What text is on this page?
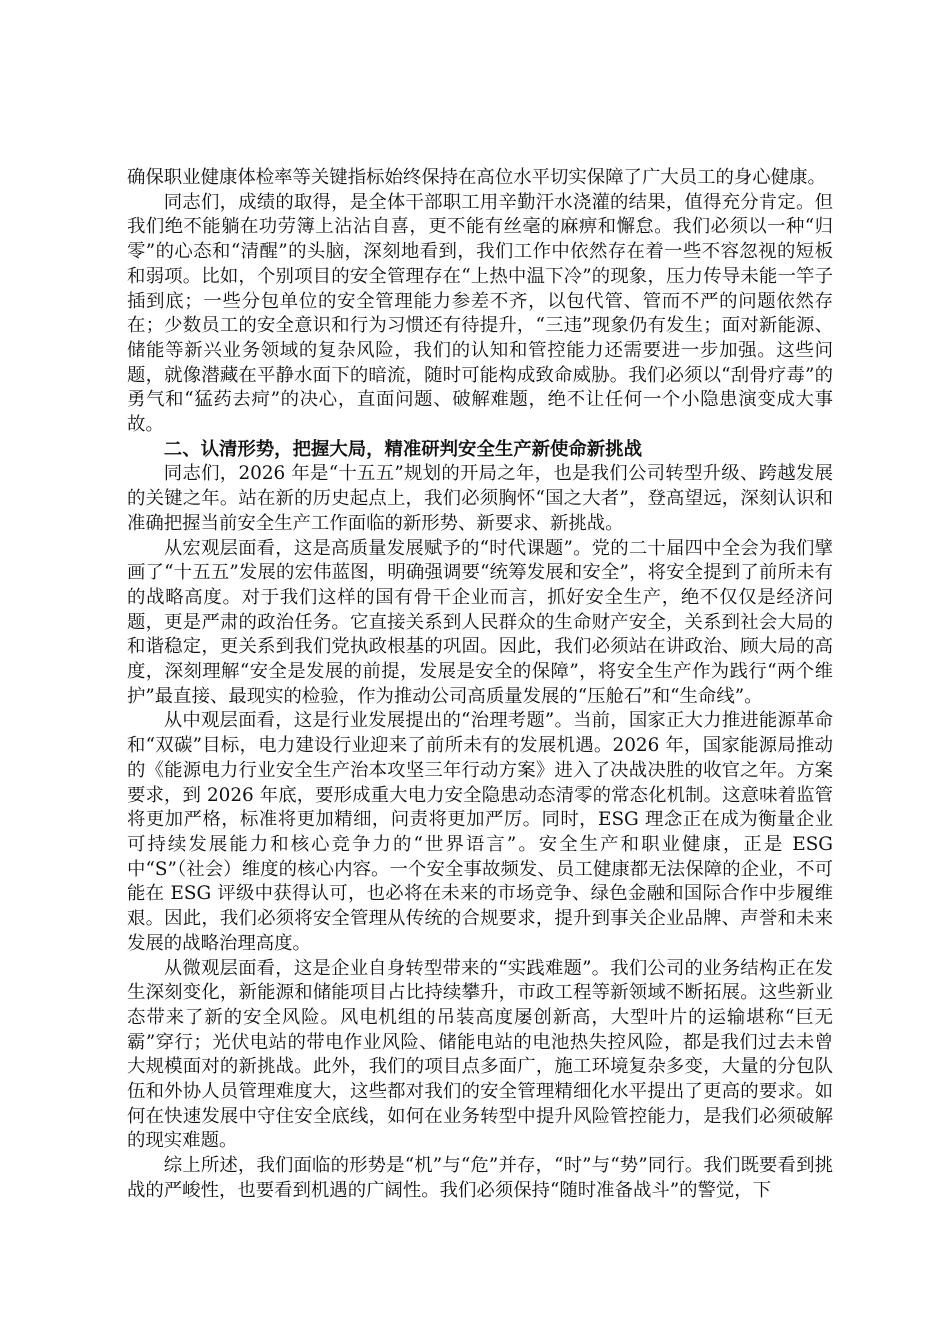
确保职业健康体检率等关键指标始终保持在高位水平切实保障了广大员工的身心健康。

同志们，成绩的取得，是全体干部职工用辛勤汗水浇灌的结果，值得充分肯定。但我们绝不能躺在功劳簿上沾沾自喜，更不能有丝毫的麻痹和懈怠。我们必须以一种“归零”的心态和“清醒”的头脑，深刻地看到，我们工作中依然存在着一些不容忽视的短板和弱项。比如，个别项目的安全管理存在“上热中温下冷”的现象，压力传导未能一竿子插到底；一些分包单位的安全管理能力参差不齐，以包代管、管而不严的问题依然存在；少数员工的安全意识和行为习惯还有待提升，“三违”现象仍有发生；面对新能源、储能等新兴业务领域的复杂风险，我们的认知和管控能力还需要进一步加强。这些问题，就像潜藏在平静水面下的暗流，随时可能构成致命威胁。我们必须以“刮骨疗毒”的勇气和“猛药去疴”的决心，直面问题、破解难题，绝不让任何一个小隐患演变成大事故。

二、认清形势，把握大局，精准研判安全生产新使命新挑战

同志们，2026 年是“十五五”规划的开局之年，也是我们公司转型升级、跨越发展的关键之年。站在新的历史起点上，我们必须胸怀“国之大者”，登高望远，深刻认识和准确把握当前安全生产工作面临的新形势、新要求、新挑战。

从宏观层面看，这是高质量发展赋予的“时代课题”。党的二十届四中全会为我们擘画了“十五五”发展的宏伟蓝图，明确强调要“统筹发展和安全”，将安全提到了前所未有的战略高度。对于我们这样的国有骨干企业而言，抓好安全生产，绝不仅仅是经济问题，更是严肃的政治任务。它直接关系到人民群众的生命财产安全，关系到社会大局的和谐稳定，更关系到我们党执政根基的巩固。因此，我们必须站在讲政治、顾大局的高度，深刻理解“安全是发展的前提，发展是安全的保障”，将安全生产作为践行“两个维护”最直接、最现实的检验，作为推动公司高质量发展的“压舱石”和“生命线”。

从中观层面看，这是行业发展提出的“治理考题”。当前，国家正大力推进能源革命和“双碳”目标，电力建设行业迎来了前所未有的发展机遇。2026 年，国家能源局推动的《能源电力行业安全生产治本攻坚三年行动方案》进入了决战决胜的收官之年。方案要求，到 2026 年底，要形成重大电力安全隐患动态清零的常态化机制。这意味着监管将更加严格，标准将更加精细，问责将更加严厉。同时，ESG 理念正在成为衡量企业可持续发展能力和核心竞争力的“世界语言”。安全生产和职业健康，正是 ESG 中“S”（社会）维度的核心内容。一个安全事故频发、员工健康都无法保障的企业，不可能在 ESG 评级中获得认可，也必将在未来的市场竞争、绿色金融和国际合作中步履维艰。因此，我们必须将安全管理从传统的合规要求，提升到事关企业品牌、声誉和未来发展的战略治理高度。

从微观层面看，这是企业自身转型带来的“实践难题”。我们公司的业务结构正在发生深刻变化，新能源和储能项目占比持续攀升，市政工程等新领域不断拓展。这些新业态带来了新的安全风险。风电机组的吊装高度屡创新高，大型叶片的运输堪称“巨无霸”穿行；光伏电站的带电作业风险、储能电站的电池热失控风险，都是我们过去未曾大规模面对的新挑战。此外，我们的项目点多面广，施工环境复杂多变，大量的分包队伍和外协人员管理难度大，这些都对我们的安全管理精细化水平提出了更高的要求。如何在快速发展中守住安全底线，如何在业务转型中提升风险管控能力，是我们必须破解的现实难题。

综上所述，我们面临的形势是“机”与“危”并存，“时”与“势”同行。我们既要看到挑战的严峻性，也要看到机遇的广阔性。我们必须保持“随时准备战斗”的警觉，下
